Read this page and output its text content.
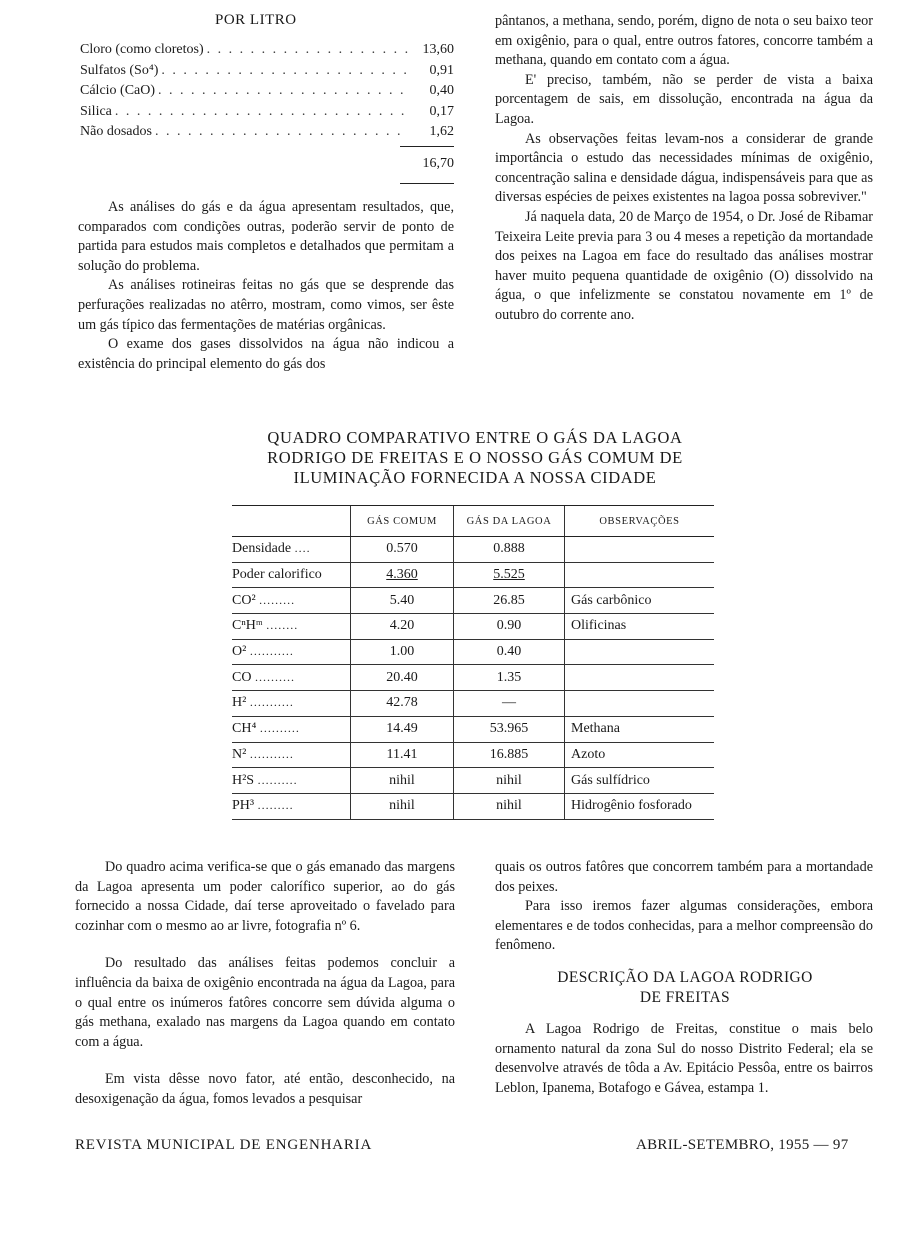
POR LITRO
Cloro (como cloretos) . . .	13,60
Sulfatos (So⁴) . . .	0,91
Cálcio (CaO) . . .	0,40
Silica . . .	0,17
Não dosados . . .	1,62
16,70

As análises do gás e da água apresentam resultados, que, comparados com condições outras, poderão servir de ponto de partida para estudos mais completos e detalhados que permitam a solução do problema.

As análises rotineiras feitas no gás que se desprende das perfurações realizadas no atêrro, mostram, como vimos, ser êste um gás típico das fermentações de matérias orgânicas.

O exame dos gases dissolvidos na água não indicou a existência do principal elemento do gás dos

pântanos, a methana, sendo, porém, digno de nota o seu baixo teor em oxigênio, para o qual, entre outros fatores, concorre também a methana, quando em contato com a água.

E' preciso, também, não se perder de vista a baixa porcentagem de sais, em dissolução, encontrada na água da Lagoa.

As observações feitas levam-nos a considerar de grande importância o estudo das necessidades mínimas de oxigênio, concentração salina e densidade dágua, indispensáveis para que as diversas espécies de peixes existentes na lagoa possa sobreviver."

Já naquela data, 20 de Março de 1954, o Dr. José de Ribamar Teixeira Leite previa para 3 ou 4 meses a repetição da mortandade dos peixes na Lagoa em face do resultado das análises mostrar haver muito pequena quantidade de oxigênio (O) dissolvido na água, o que infelizmente se constatou novamente em 1º de outubro do corrente ano.

QUADRO COMPARATIVO ENTRE O GÁS DA LAGOA
RODRIGO DE FREITAS E O NOSSO GÁS COMUM DE
ILUMINAÇÃO FORNECIDA A NOSSA CIDADE
	GÁS COMUM	GÁS DA LAGOA	OBSERVAÇÕES
Densidade ....	0.570	0.888	
Poder calorifico	4.360	5.525	
CO² .........	5.40	26.85	Gás carbônico
CⁿHᵐ ........	4.20	0.90	Olificinas
O² ...........	1.00	0.40	
CO ..........	20.40	1.35	
H² ...........	42.78	—	
CH⁴ ..........	14.49	53.965	Methana
N² ...........	11.41	16.885	Azoto
H²S ..........	nihil	nihil	Gás sulfídrico
PH³ .........	nihil	nihil	Hidrogênio fosforado

Do quadro acima verifica-se que o gás emanado das margens da Lagoa apresenta um poder calorífico superior, ao do gás fornecido a nossa Cidade, daí terse aproveitado o favelado para cozinhar com o mesmo ao ar livre, fotografia nº 6.

Do resultado das análises feitas podemos concluir a influência da baixa de oxigênio encontrada na água da Lagoa, para o qual entre os inúmeros fatôres concorre sem dúvida alguma o gás methana, exalado nas margens da Lagoa quando em contato com a água.

Em vista dêsse novo fator, até então, desconhecido, na desoxigenação da água, fomos levados a pesquisar

quais os outros fatôres que concorrem também para a mortandade dos peixes.

Para isso iremos fazer algumas considerações, embora elementares e de todos conhecidas, para a melhor compreensão do fenômeno.

DESCRIÇÃO DA LAGOA RODRIGO
DE FREITAS

A Lagoa Rodrigo de Freitas, constitue o mais belo ornamento natural da zona Sul do nosso Distrito Federal; ela se desenvolve através de tôda a Av. Epitácio Pessôa, entre os bairros Leblon, Ipanema, Botafogo e Gávea, estampa 1.

REVISTA MUNICIPAL DE ENGENHARIA	ABRIL-SETEMBRO, 1955 — 97
